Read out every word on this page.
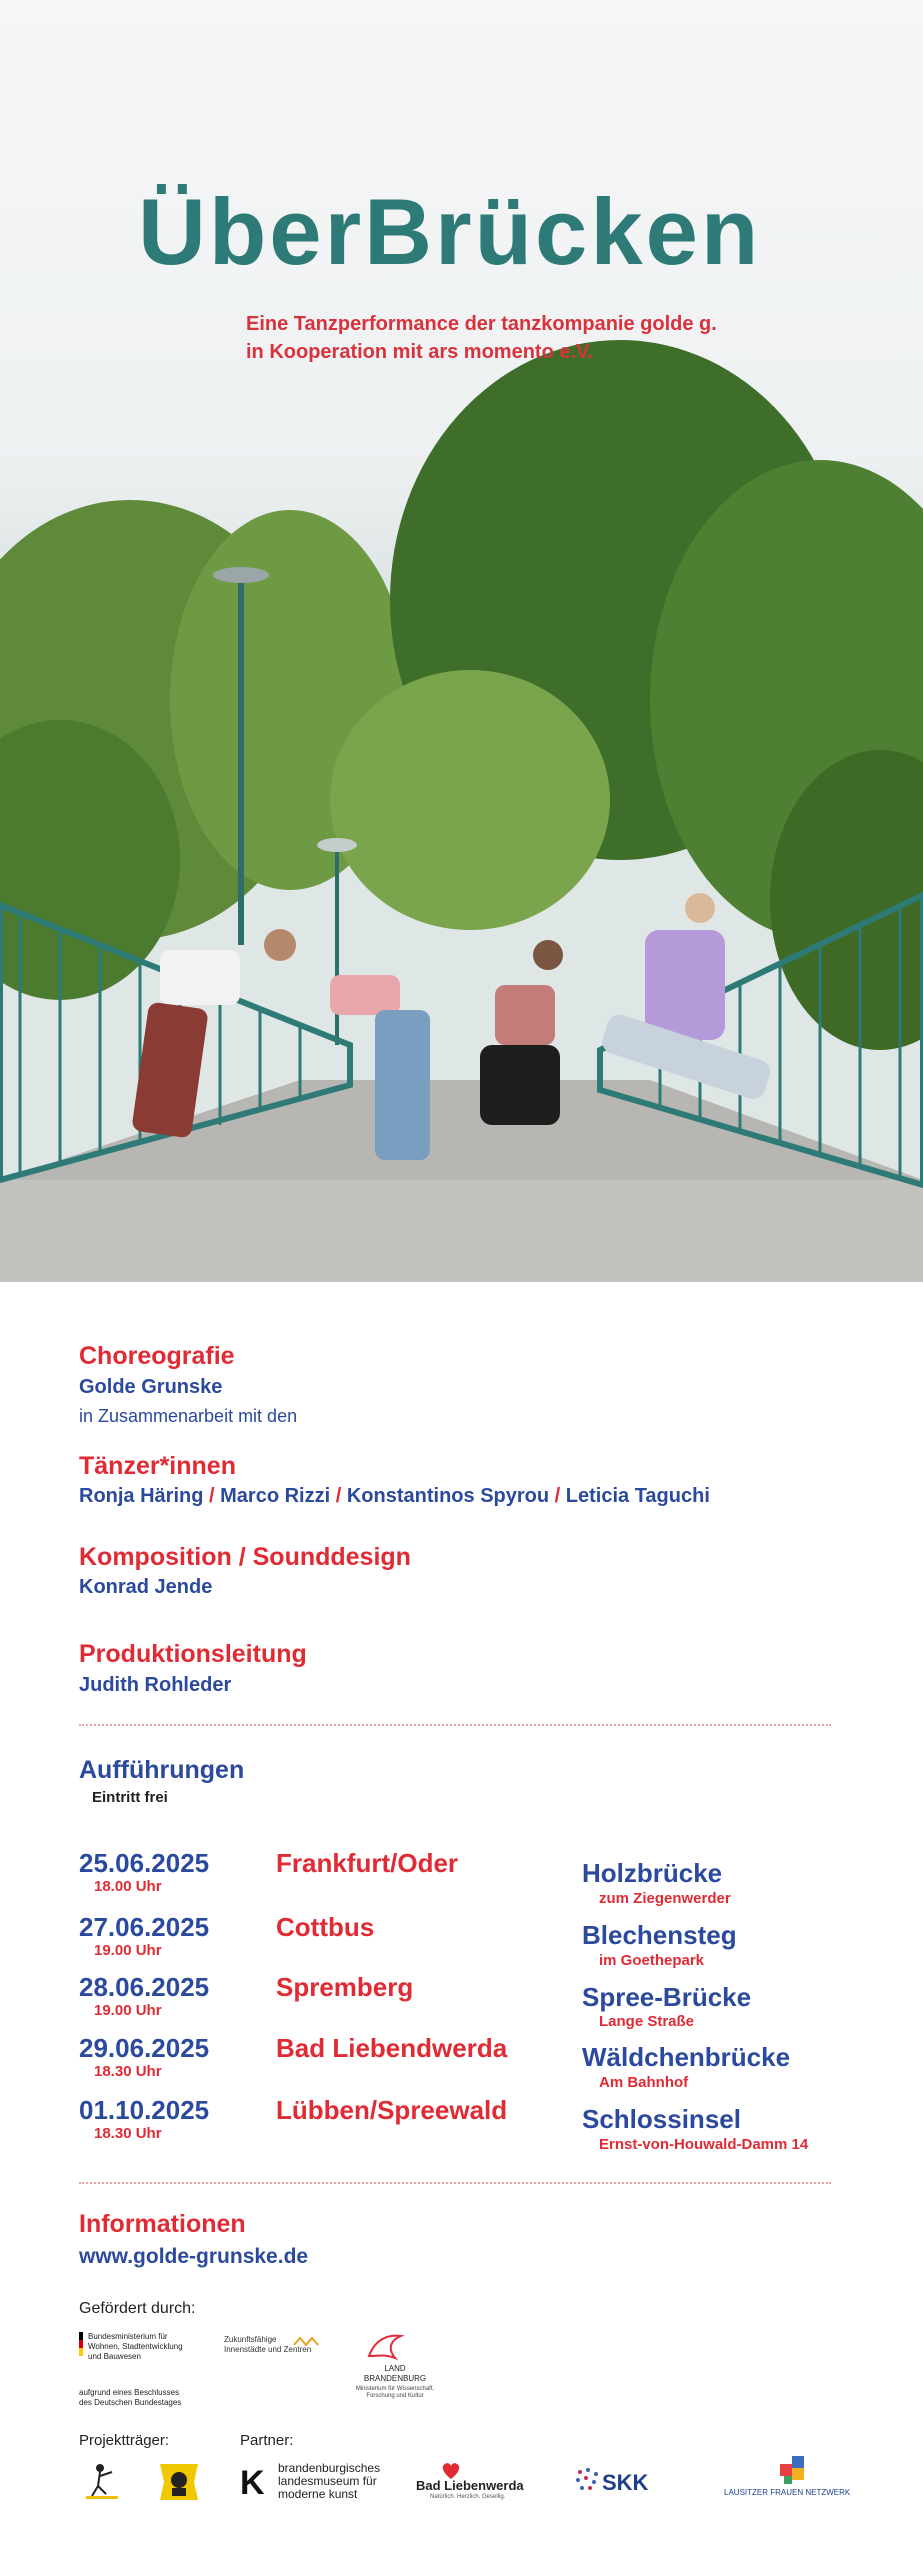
ÜberBrücken
Eine Tanzperformance der tanzkompanie golde g.
in Kooperation mit ars momento e.V.
Choreografie
Golde Grunske
in Zusammenarbeit mit den
Tänzer*innen
Ronja Häring / Marco Rizzi / Konstantinos Spyrou / Leticia Taguchi
Komposition / Sounddesign
Konrad Jende
Produktionsleitung
Judith Rohleder
Aufführungen
Eintritt frei
25.06.2025
18.00 Uhr
Frankfurt/Oder	Holzbrücke
zum Ziegenwerder
27.06.2025
19.00 Uhr
Cottbus	Blechensteg
im Goethepark
28.06.2025
19.00 Uhr
Spremberg	Spree-Brücke
Lange Straße
29.06.2025
18.30 Uhr
Bad Liebendwerda	Wäldchenbrücke
Am Bahnhof
01.10.2025
18.30 Uhr
Lübben/Spreewald	Schlossinsel
Ernst-von-Houwald-Damm 14
Informationen
www.golde-grunske.de
Gefördert durch:
Bundesministerium für Wohnen, Stadtentwicklung und Bauwesen
aufgrund eines Beschlusses des Deutschen Bundestages
Zukunftsfähige Innenstädte und Zentren
LAND BRANDENBURG
Ministerium für Wissenschaft, Forschung und Kultur
Projektträger:	Partner:
K brandenburgisches landesmuseum für moderne kunst
Bad Liebenwerda
Natürlich. Herzlich. Gesellig.
SKK	LAUSITZER FRAUEN NETZWERK
